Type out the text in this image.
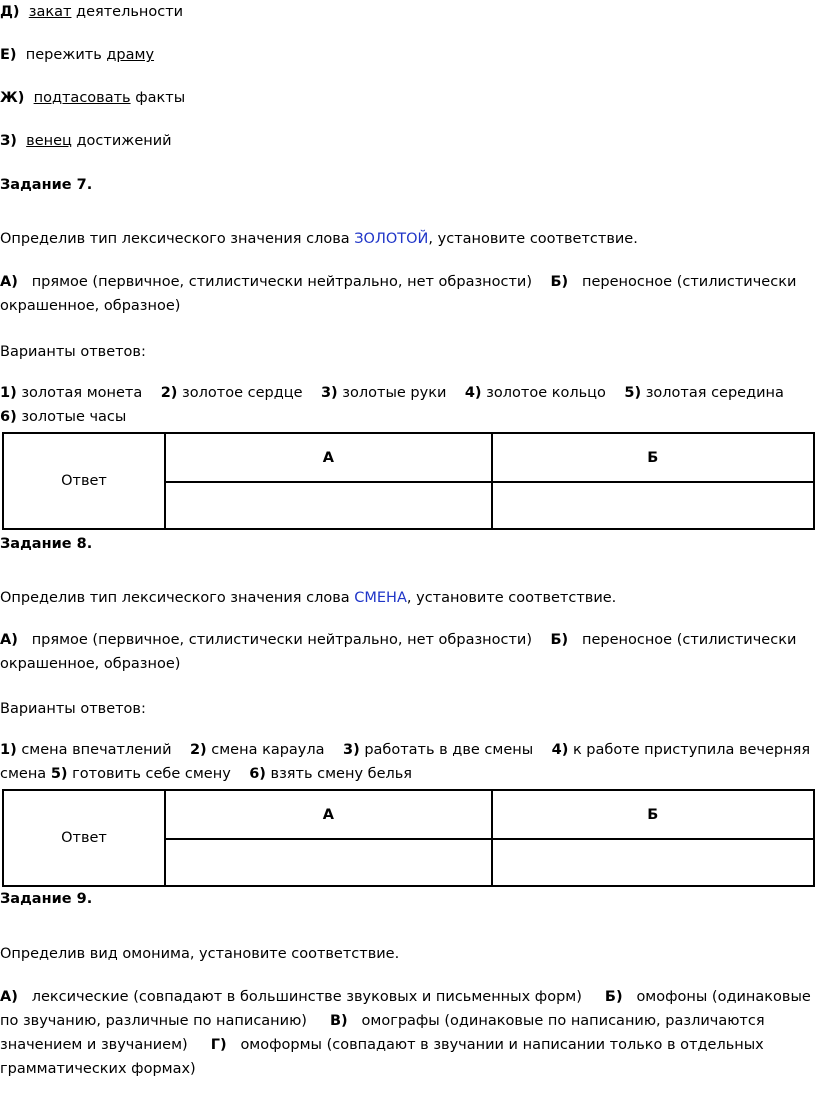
Д) закат деятельности
Е) пережить драму
Ж) подтасовать факты
З) венец достижений
Задание 7.
Определив тип лексического значения слова ЗОЛОТОЙ, установите соответствие.
А) прямое (первичное, стилистически нейтрально, нет образности) Б) переносное (стилистически окрашенное, образное)
Варианты ответов:
1) золотая монета 2) золотое сердце 3) золотые руки 4) золотое кольцо 5) золотая середина    6) золотые часы
Ответ	А	Б

Задание 8.
Определив тип лексического значения слова СМЕНА, установите соответствие.
А) прямое (первичное, стилистически нейтрально, нет образности) Б) переносное (стилистически окрашенное, образное)
Варианты ответов:
1) смена впечатлений 2) смена караула 3) работать в две смены 4) к работе приступила вечерняя смена 5) готовить себе смену 6) взять смену белья
Ответ	А	Б

Задание 9.
Определив вид омонима, установите соответствие.
А) лексические (совпадают в большинстве звуковых и письменных форм) Б) омофоны (одинаковые по звучанию, различные по написанию) В) омографы (одинаковые по написанию, различаются значением и звучанием) Г) омоформы (совпадают в звучании и написании только в отдельных грамматических формах)
